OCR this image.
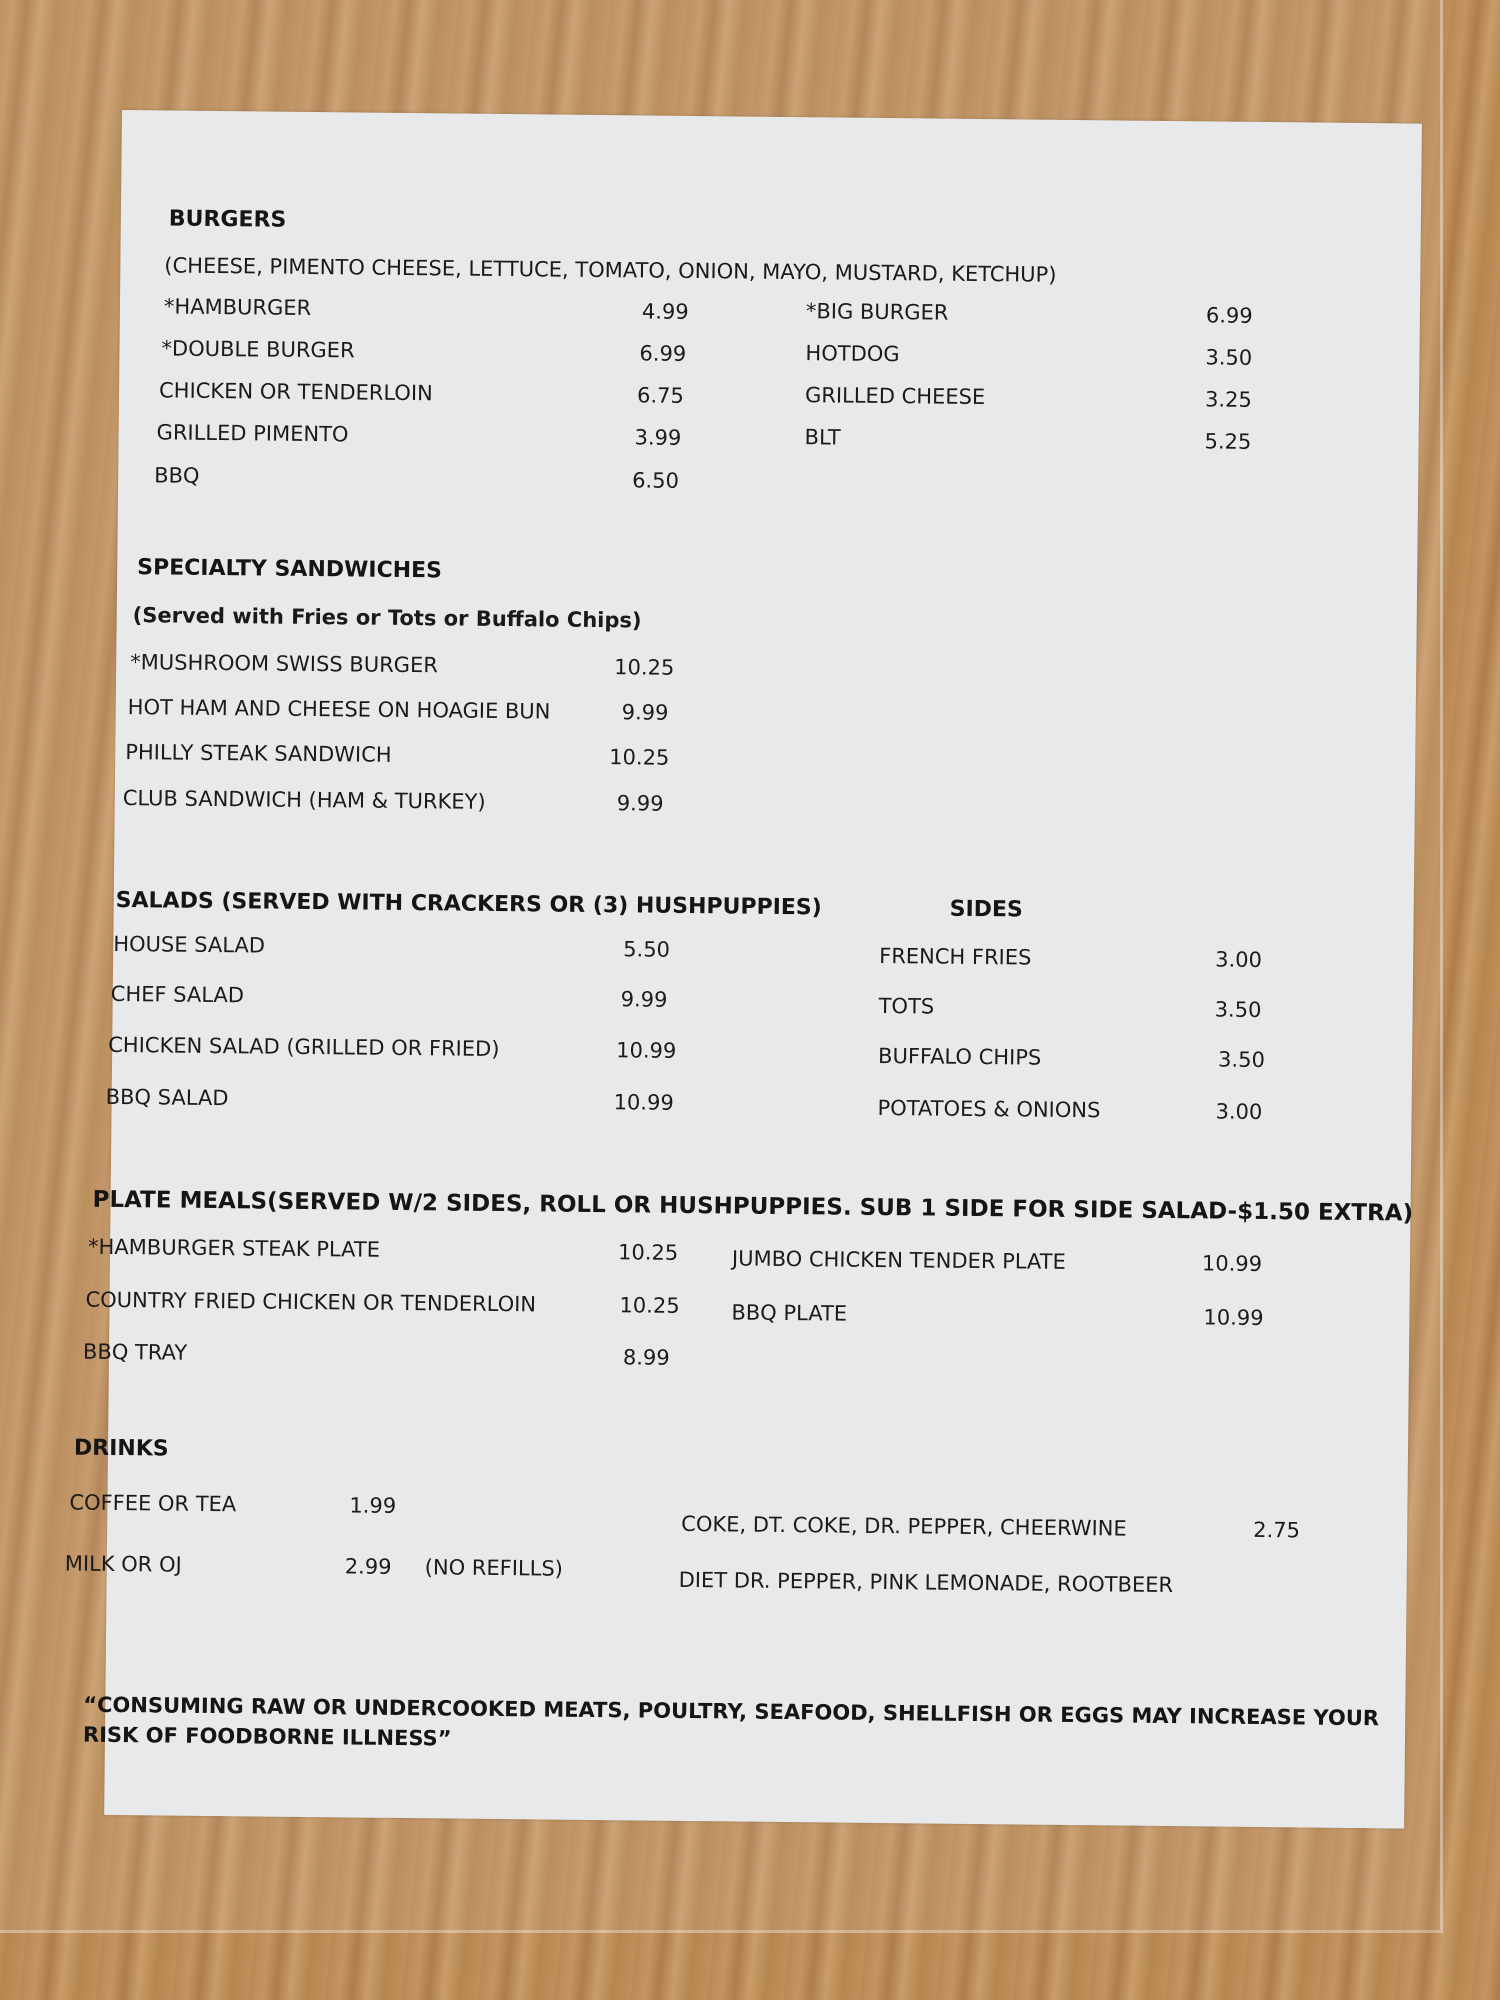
BURGERS
(CHEESE, PIMENTO CHEESE, LETTUCE, TOMATO, ONION, MAYO, MUSTARD, KETCHUP)
*HAMBURGER	4.99
*DOUBLE BURGER	6.99
CHICKEN OR TENDERLOIN	6.75
GRILLED PIMENTO	3.99
BBQ	6.50
*BIG BURGER	6.99
HOTDOG	3.50
GRILLED CHEESE	3.25
BLT	5.25
SPECIALTY SANDWICHES
(Served with Fries or Tots or Buffalo Chips)
*MUSHROOM SWISS BURGER	10.25
HOT HAM AND CHEESE ON HOAGIE BUN	9.99
PHILLY STEAK SANDWICH	10.25
CLUB SANDWICH (HAM & TURKEY)	9.99
SALADS (SERVED WITH CRACKERS OR (3) HUSHPUPPIES)
HOUSE SALAD	5.50
CHEF SALAD	9.99
CHICKEN SALAD (GRILLED OR FRIED)	10.99
BBQ SALAD	10.99
SIDES
FRENCH FRIES	3.00
TOTS	3.50
BUFFALO CHIPS	3.50
POTATOES & ONIONS	3.00
PLATE MEALS(SERVED W/2 SIDES, ROLL OR HUSHPUPPIES. SUB 1 SIDE FOR SIDE SALAD-$1.50 EXTRA)
*HAMBURGER STEAK PLATE	10.25
COUNTRY FRIED CHICKEN OR TENDERLOIN	10.25
BBQ TRAY	8.99
JUMBO CHICKEN TENDER PLATE	10.99
BBQ PLATE	10.99
DRINKS
COFFEE OR TEA	1.99
MILK OR OJ	2.99 (NO REFILLS)
COKE, DT. COKE, DR. PEPPER, CHEERWINE	2.75
DIET DR. PEPPER, PINK LEMONADE, ROOTBEER
“CONSUMING RAW OR UNDERCOOKED MEATS, POULTRY, SEAFOOD, SHELLFISH OR EGGS MAY INCREASE YOUR RISK OF FOODBORNE ILLNESS”
